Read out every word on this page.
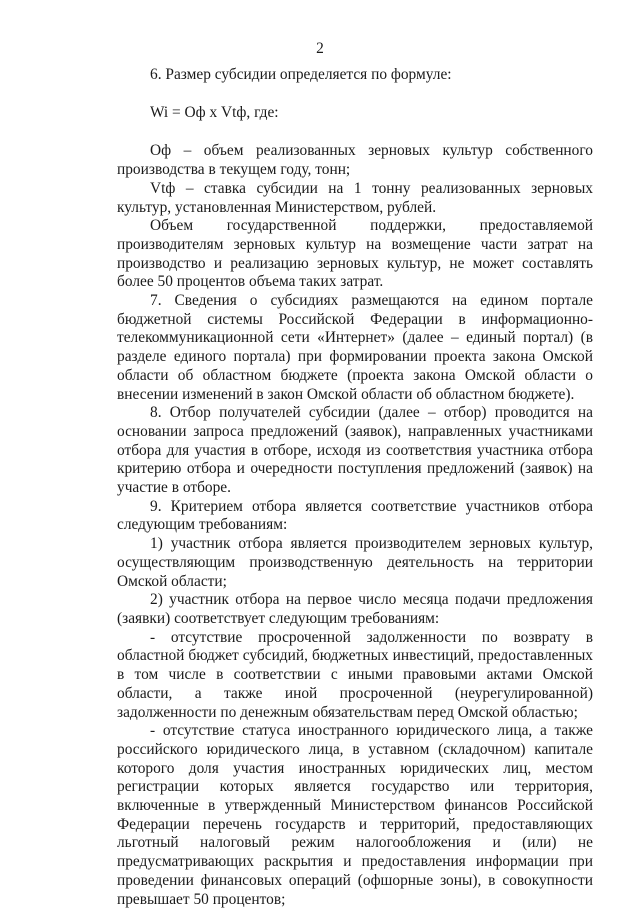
2

6. Размер субсидии определяется по формуле:

Wi = Оф х Vtф, где:

Оф – объем реализованных зерновых культур собственного производства в текущем году, тонн;

Vtф – ставка субсидии на 1 тонну реализованных зерновых культур, установленная Министерством, рублей.

Объем государственной поддержки, предоставляемой производителям зерновых культур на возмещение части затрат на производство и реализацию зерновых культур, не может составлять более 50 процентов объема таких затрат.

7. Сведения о субсидиях размещаются на едином портале бюджетной системы Российской Федерации в информационно-телекоммуникационной сети «Интернет» (далее – единый портал) (в разделе единого портала) при формировании проекта закона Омской области об областном бюджете (проекта закона Омской области о внесении изменений в закон Омской области об областном бюджете).

8. Отбор получателей субсидии (далее – отбор) проводится на основании запроса предложений (заявок), направленных участниками отбора для участия в отборе, исходя из соответствия участника отбора критерию отбора и очередности поступления предложений (заявок) на участие в отборе.

9. Критерием отбора является соответствие участников отбора следующим требованиям:

1) участник отбора является производителем зерновых культур, осуществляющим производственную деятельность на территории Омской области;

2) участник отбора на первое число месяца подачи предложения (заявки) соответствует следующим требованиям:

- отсутствие просроченной задолженности по возврату в областной бюджет субсидий, бюджетных инвестиций, предоставленных в том числе в соответствии с иными правовыми актами Омской области, а также иной просроченной (неурегулированной) задолженности по денежным обязательствам перед Омской областью;

- отсутствие статуса иностранного юридического лица, а также российского юридического лица, в уставном (складочном) капитале которого доля участия иностранных юридических лиц, местом регистрации которых является государство или территория, включенные в утвержденный Министерством финансов Российской Федерации перечень государств и территорий, предоставляющих льготный налоговый режим налогообложения и (или) не предусматривающих раскрытия и предоставления информации при проведении финансовых операций (офшорные зоны), в совокупности превышает 50 процентов;
